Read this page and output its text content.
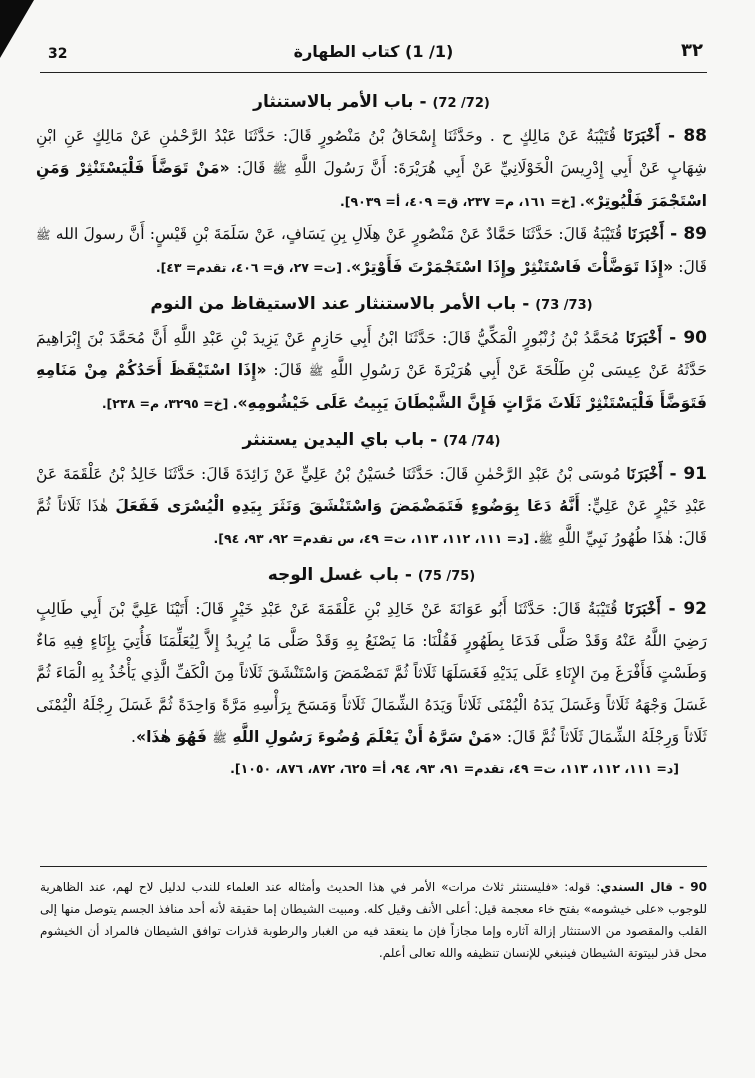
32	(1/ 1) كتاب الطهارة	٣٢
(72/ 72) - باب الأمر بالاستنثار

88 - أَخْبَرَنَا قُتَيْبَةُ عَنْ مَالِكٍ ح . وحَدَّثَنَا إِسْحَاقُ بْنُ مَنْصُورٍ قَالَ: حَدَّثَنَا عَبْدُ الرَّحْمٰنِ عَنْ مَالِكٍ عَنِ ابْنِ شِهَابٍ عَنْ أَبِي إِدْرِيسَ الْخَوْلَانِيِّ عَنْ أَبِي هُرَيْرَةَ: أَنَّ رَسُولَ اللَّهِ ﷺ قَالَ: «مَنْ تَوَضَّأَ فَلْيَسْتَنْثِرْ وَمَنِ اسْتَجْمَرَ فَلْيُوتِرْ». [خ= ١٦١، م= ٢٣٧، ق= ٤٠٩، أ= ٩٠٣٩].

89 - أَخْبَرَنَا قُتَيْبَةُ قَالَ: حَدَّثَنَا حَمَّادٌ عَنْ مَنْصُورٍ عَنْ هِلَالِ بِنِ يَسَافٍ، عَنْ سَلَمَةَ بْنِ قَيْسٍ: أَنَّ رسولَ الله ﷺ قَالَ: «إِذَا تَوَضَّأْتَ فَاسْتَنْثِرْ وإِذَا اسْتَجْمَرْتَ فَأَوْتِرْ». [ت= ٢٧، ق= ٤٠٦، تقدم= ٤٣].

(73/ 73) - باب الأمر بالاستنثار عند الاستيقاظ من النوم

90 - أَخْبَرَنَا مُحَمَّدُ بْنُ زُنْبُورٍ الْمَكِّيُّ قَالَ: حَدَّثَنَا ابْنُ أَبِي حَازِمٍ عَنْ يَزِيدَ بْنِ عَبْدِ اللَّهِ أَنَّ مُحَمَّدَ بْنَ إِبْرَاهِيمَ حَدَّثَهُ عَنْ عِيسَى بْنِ طَلْحَةَ عَنْ أَبِي هُرَيْرَةَ عَنْ رَسُولِ اللَّهِ ﷺ قَالَ: «إِذَا اسْتَيْقَظَ أَحَدُكُمْ مِنْ مَنَامِهِ فَتَوَضَّأَ فَلْيَسْتَنْثِرْ ثَلَاثَ مَرَّاتٍ فَإِنَّ الشَّيْطَانَ يَبِيتُ عَلَى خَيْشُومِهِ». [خ= ٣٢٩٥، م= ٢٣٨].

(74/ 74) - باب باي اليدين يستنثر

91 - أَخْبَرَنَا مُوسَى بْنُ عَبْدِ الرَّحْمٰنِ قَالَ: حَدَّثَنَا حُسَيْنُ بْنُ عَلِيٍّ عَنْ زَائِدَةَ قَالَ: حَدَّثَنَا خَالِدُ بْنُ عَلْقَمَةَ عَنْ عَبْدِ خَيْرٍ عَنْ عَلِيٍّ: أَنَّهُ دَعَا بِوَضُوءٍ فَتَمَضْمَضَ وَاسْتَنْشَقَ وَنَثَرَ بِيَدِهِ الْيُسْرَى فَفَعَلَ هٰذَا ثَلَاثاً ثُمَّ قَالَ: هٰذَا طُهُورُ نَبِيِّ اللَّهِ ﷺ. [د= ١١١، ١١٢، ١١٣، ت= ٤٩، س تقدم= ٩٢، ٩٣، ٩٤].

(75/ 75) - باب غسل الوجه

92 - أَخْبَرَنَا قُتَيْبَةُ قَالَ: حَدَّثَنَا أَبُو عَوَانَةَ عَنْ خَالِدِ بْنِ عَلْقَمَةَ عَنْ عَبْدِ خَيْرٍ قَالَ: أَتَيْنَا عَلِيَّ بْنَ أَبِي طَالِبٍ رَضِيَ اللَّهُ عَنْهُ وَقَدْ صَلَّى فَدَعَا بِطَهُورٍ فَقُلْنَا: مَا يَصْنَعُ بِهِ وَقَدْ صَلَّى مَا يُرِيدُ إِلاَّ لِيُعَلِّمَنَا فَأُتِيَ بِإِنَاءٍ فِيهِ مَاءٌ وَطَسْتٍ فَأَفْرَغَ مِنَ الإِنَاءِ عَلَى يَدَيْهِ فَغَسَلَهَا ثَلَاثاً ثُمَّ تَمَضْمَضَ وَاسْتَنْشَقَ ثَلَاثاً مِنَ الْكَفِّ الَّذِي يَأْخُذُ بِهِ الْمَاءَ ثُمَّ غَسَلَ وَجْهَهُ ثَلَاثاً وَغَسَلَ يَدَهُ الْيُمْنَى ثَلَاثاً وَيَدَهُ الشِّمَالَ ثَلَاثاً وَمَسَحَ بِرَأْسِهِ مَرَّةً وَاحِدَةً ثُمَّ غَسَلَ رِجْلَهُ الْيُمْنَى ثَلَاثاً وَرِجْلَهُ الشِّمَالَ ثَلَاثاً ثُمَّ قَالَ: «مَنْ سَرَّهُ أَنْ يَعْلَمَ وُضُوءَ رَسُولِ اللَّهِ ﷺ فَهُوَ هٰذَا».

[د= ١١١، ١١٢، ١١٣، ت= ٤٩، تقدم= ٩١، ٩٣، ٩٤، أ= ٦٢٥، ٨٧٢، ٨٧٦، ١٠٥٠].
90 - قال السندي: قوله: «فليستنثر ثلاث مرات» الأمر في هذا الحديث وأمثاله عند العلماء للندب لدليل لاح لهم، عند الظاهرية للوجوب «على خيشومه» بفتح خاء معجمة قيل: أعلى الأنف وقيل كله. ومبيت الشيطان إما حقيقة لأنه أحد منافذ الجسم يتوصل منها إلى القلب والمقصود من الاستنثار إزالة آثاره وإما مجازاً فإن ما ينعقد فيه من الغبار والرطوبة قذرات توافق الشيطان فالمراد أن الخيشوم محل قذر لبيتوتة الشيطان فينبغي للإنسان تنظيفه والله تعالى أعلم.
